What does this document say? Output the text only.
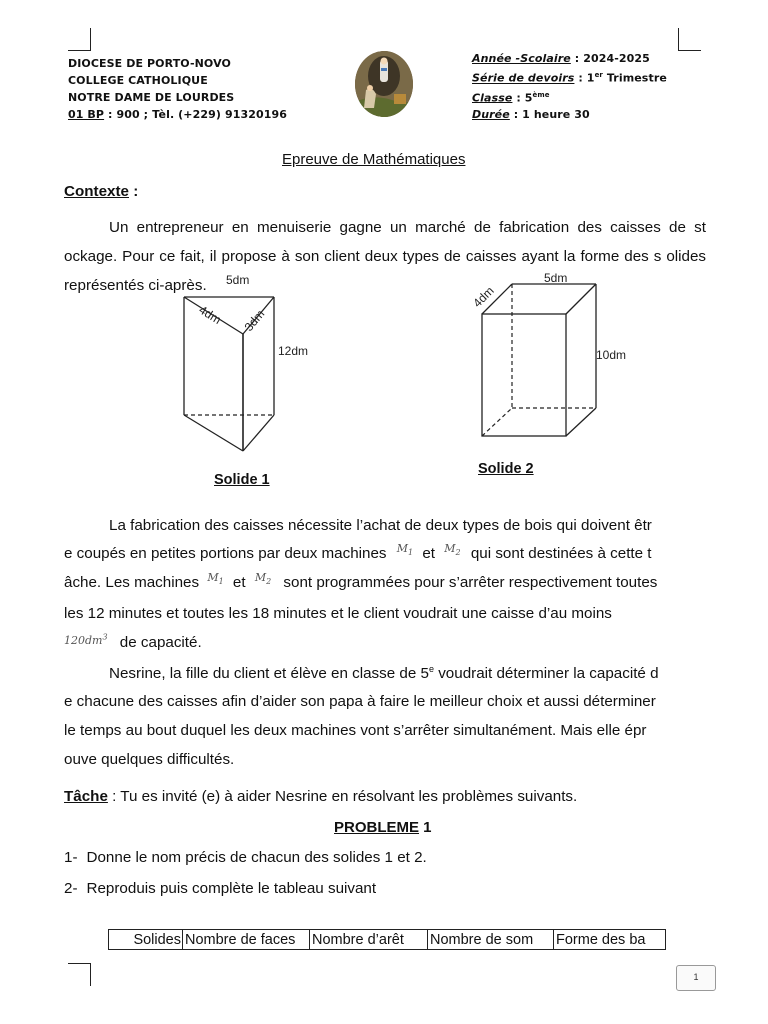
DIOCESE DE PORTO-NOVO
COLLEGE CATHOLIQUE
NOTRE DAME DE LOURDES
01 BP : 900 ; Tèl. (+229) 91320196
Année -Scolaire : 2024-2025
Série de devoirs : 1er Trimestre
Classe : 5ème
Durée : 1 heure 30
Epreuve de Mathématiques
Contexte :
Un entrepreneur en menuiserie gagne un marché de fabrication des caisses de st ockage. Pour ce fait, il propose à son client deux types de caisses ayant la forme des s olides représentés ci-après.	5dm
4dm 3dm
12dm
Solide 1
5dm
4dm
10dm
Solide 2
La fabrication des caisses nécessite l’achat de deux types de bois qui doivent êtr
e coupés en petites portions par deux machines $^{M_1}$ et $^{M_2}$ qui sont destinées à cette t
âche. Les machines $^{M_1}$ et $^{M_2}$ sont programmées pour s’arrêter respectivement toutes
les 12 minutes et toutes les 18 minutes et le client voudrait une caisse d’au moins
$120dm^3$ de capacité.
Nesrine, la fille du client et élève en classe de 5e voudrait déterminer la capacité d
e chacune des caisses afin d’aider son papa à faire le meilleur choix et aussi déterminer
le temps au bout duquel les deux machines vont s’arrêter simultanément. Mais elle épr
ouve quelques difficultés.
Tâche : Tu es invité (e) à aider Nesrine en résolvant les problèmes suivants.
PROBLEME 1
1- Donne le nom précis de chacun des solides 1 et 2.
2- Reproduis puis complète le tableau suivant
Solides	Nombre de faces	Nombre d’arêt	Nombre de som	Forme des ba
1
